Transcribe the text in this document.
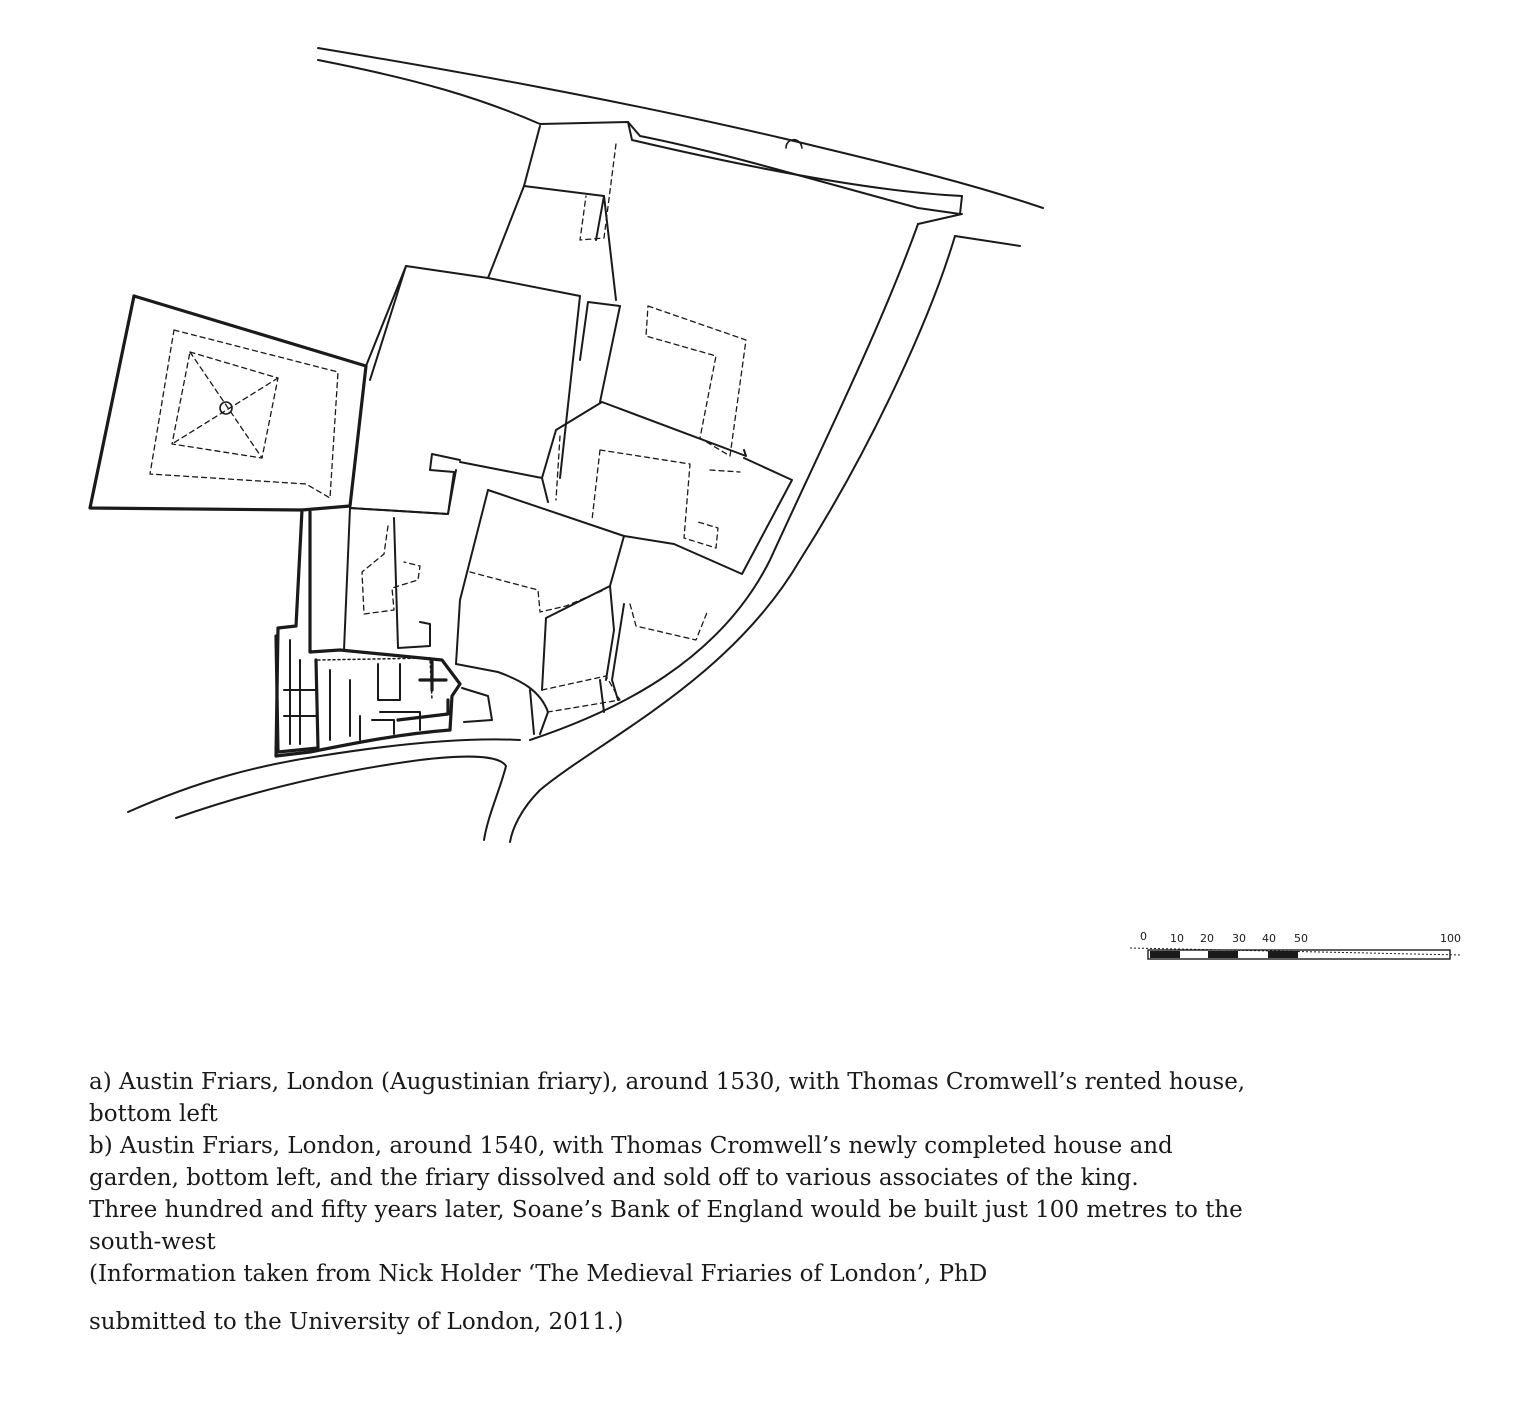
0 10 20 30 40 50	100

a) Austin Friars, London (Augustinian friary), around 1530, with Thomas Cromwell’s rented house, bottom left

b) Austin Friars, London, around 1540, with Thomas Cromwell’s newly completed house and garden, bottom left, and the friary dissolved and sold off to various associates of the king.

Three hundred and fifty years later, Soane’s Bank of England would be built just 100 metres to the south-west

(Information taken from Nick Holder ‘The Medieval Friaries of London’, PhD

submitted to the University of London, 2011.)
